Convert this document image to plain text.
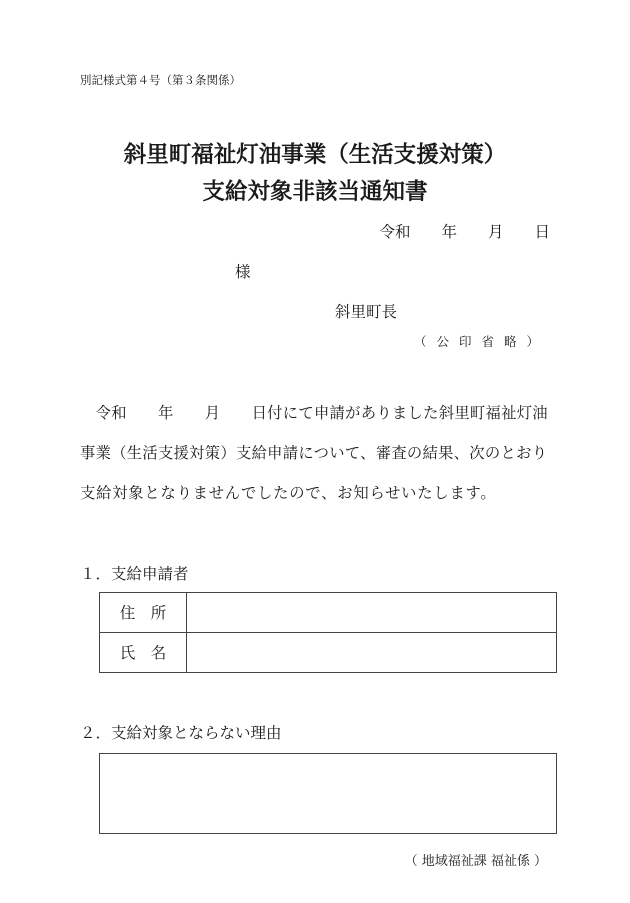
別記様式第４号（第３条関係）
斜里町福祉灯油事業（生活支援対策）
支給対象非該当通知書
令和　　年　　月　　日
様
斜里町長
（公印省略）
令和　　年　　月　　日付にて申請がありました斜里町福祉灯油
事業（生活支援対策）支給申請について、審査の結果、次のとおり
支給対象となりませんでしたので、お知らせいたします。
１．支給申請者
住　所
氏　名
２．支給対象とならない理由
（ 地域福祉課 福祉係 ）
